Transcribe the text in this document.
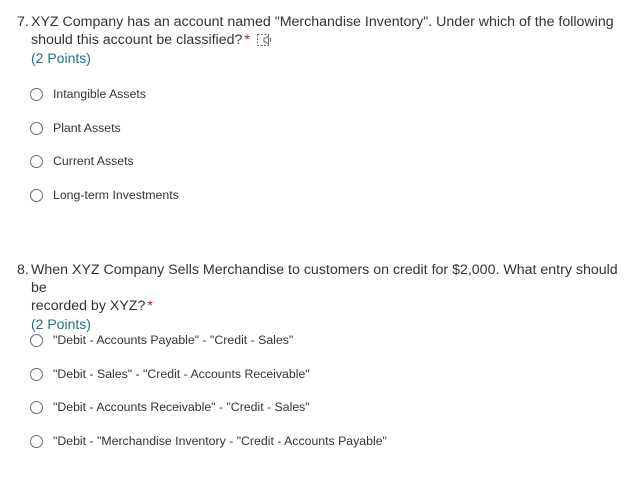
7. XYZ Company has an account named "Merchandise Inventory". Under which of the following
should this account be classified? *
(2 Points)
Intangible Assets
Plant Assets
Current Assets
Long-term Investments
8. When XYZ Company Sells Merchandise to customers on credit for $2,000. What entry should be
recorded by XYZ? *
(2 Points)
"Debit - Accounts Payable" - "Credit - Sales"
"Debit - Sales" - "Credit - Accounts Receivable"
"Debit - Accounts Receivable" - "Credit - Sales"
"Debit - "Merchandise Inventory - "Credit - Accounts Payable"
